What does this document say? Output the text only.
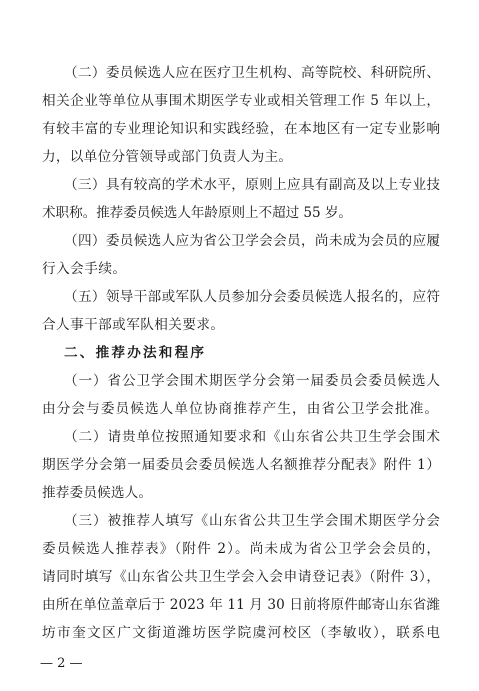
（二）委员候选人应在医疗卫生机构、高等院校、科研院所、
相关企业等单位从事围术期医学专业或相关管理工作 5 年以上，
有较丰富的专业理论知识和实践经验，在本地区有一定专业影响
力，以单位分管领导或部门负责人为主。
（三）具有较高的学术水平，原则上应具有副高及以上专业技
术职称。推荐委员候选人年龄原则上不超过 55 岁。
（四）委员候选人应为省公卫学会会员，尚未成为会员的应履
行入会手续。
（五）领导干部或军队人员参加分会委员候选人报名的，应符
合人事干部或军队相关要求。
二、推荐办法和程序
（一）省公卫学会围术期医学分会第一届委员会委员候选人
由分会与委员候选人单位协商推荐产生，由省公卫学会批准。
（二）请贵单位按照通知要求和《山东省公共卫生学会围术
期医学分会第一届委员会委员候选人名额推荐分配表》附件 1）
推荐委员候选人。
（三）被推荐人填写《山东省公共卫生学会围术期医学分会
委员候选人推荐表》（附件 2）。尚未成为省公卫学会会员的，
请同时填写《山东省公共卫生学会入会申请登记表》（附件 3），
由所在单位盖章后于 2023 年 11 月 30 日前将原件邮寄山东省潍
坊市奎文区广文街道潍坊医学院虞河校区（李敏收），联系电
— 2 —
